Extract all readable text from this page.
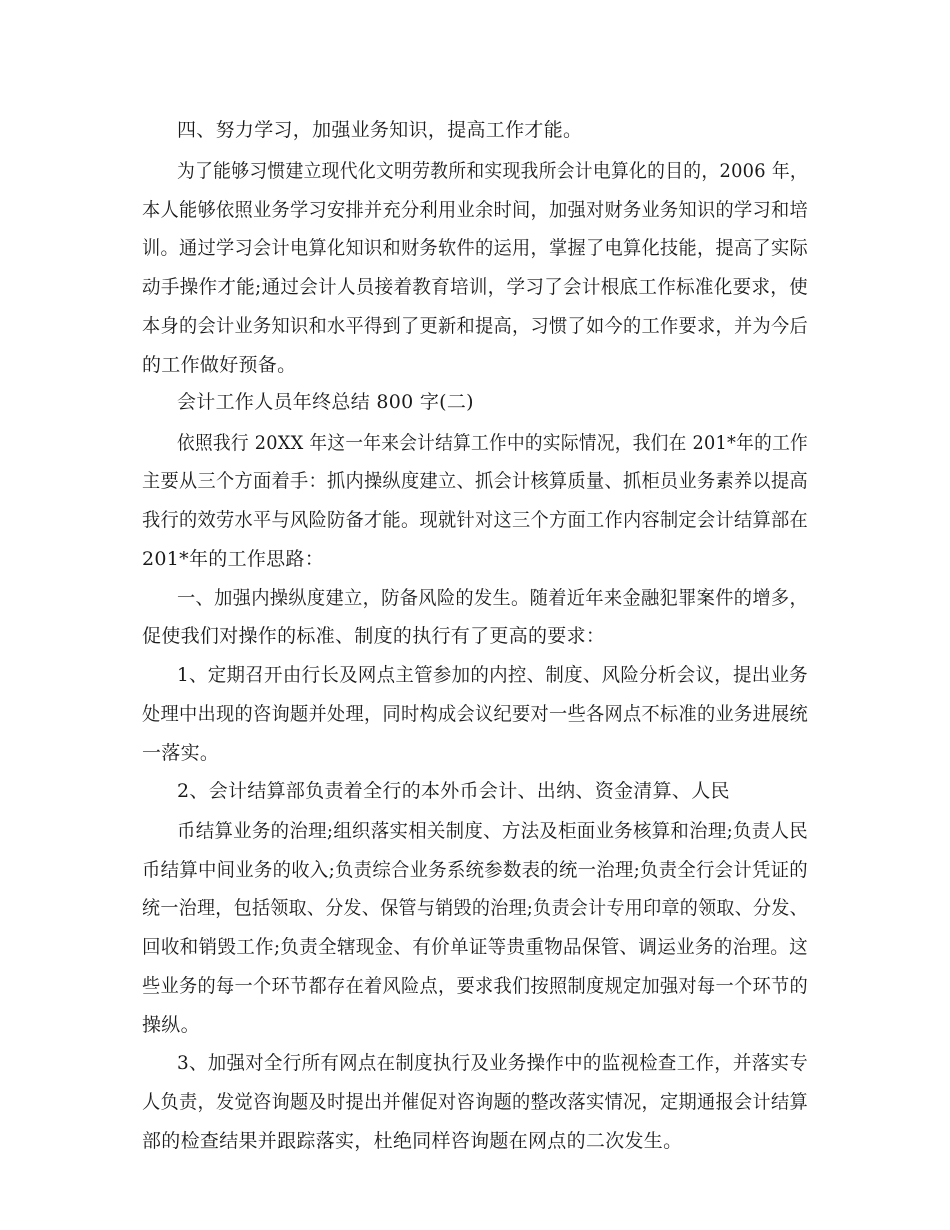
四、努力学习，加强业务知识，提高工作才能。
为了能够习惯建立现代化文明劳教所和实现我所会计电算化的目的，2006 年，
本人能够依照业务学习安排并充分利用业余时间，加强对财务业务知识的学习和培
训。通过学习会计电算化知识和财务软件的运用，掌握了电算化技能，提高了实际
动手操作才能;通过会计人员接着教育培训，学习了会计根底工作标准化要求，使
本身的会计业务知识和水平得到了更新和提高，习惯了如今的工作要求，并为今后
的工作做好预备。
会计工作人员年终总结 800 字(二)
依照我行 20XX 年这一年来会计结算工作中的实际情况，我们在 201*年的工作
主要从三个方面着手：抓内操纵度建立、抓会计核算质量、抓柜员业务素养以提高
我行的效劳水平与风险防备才能。现就针对这三个方面工作内容制定会计结算部在
201*年的工作思路：
一、加强内操纵度建立，防备风险的发生。随着近年来金融犯罪案件的增多，
促使我们对操作的标准、制度的执行有了更高的要求：
1、定期召开由行长及网点主管参加的内控、制度、风险分析会议，提出业务
处理中出现的咨询题并处理，同时构成会议纪要对一些各网点不标准的业务进展统
一落实。
2、会计结算部负责着全行的本外币会计、出纳、资金清算、人民
币结算业务的治理;组织落实相关制度、方法及柜面业务核算和治理;负责人民
币结算中间业务的收入;负责综合业务系统参数表的统一治理;负责全行会计凭证的
统一治理，包括领取、分发、保管与销毁的治理;负责会计专用印章的领取、分发、
回收和销毁工作;负责全辖现金、有价单证等贵重物品保管、调运业务的治理。这
些业务的每一个环节都存在着风险点，要求我们按照制度规定加强对每一个环节的
操纵。
3、加强对全行所有网点在制度执行及业务操作中的监视检查工作，并落实专
人负责，发觉咨询题及时提出并催促对咨询题的整改落实情况，定期通报会计结算
部的检查结果并跟踪落实，杜绝同样咨询题在网点的二次发生。
